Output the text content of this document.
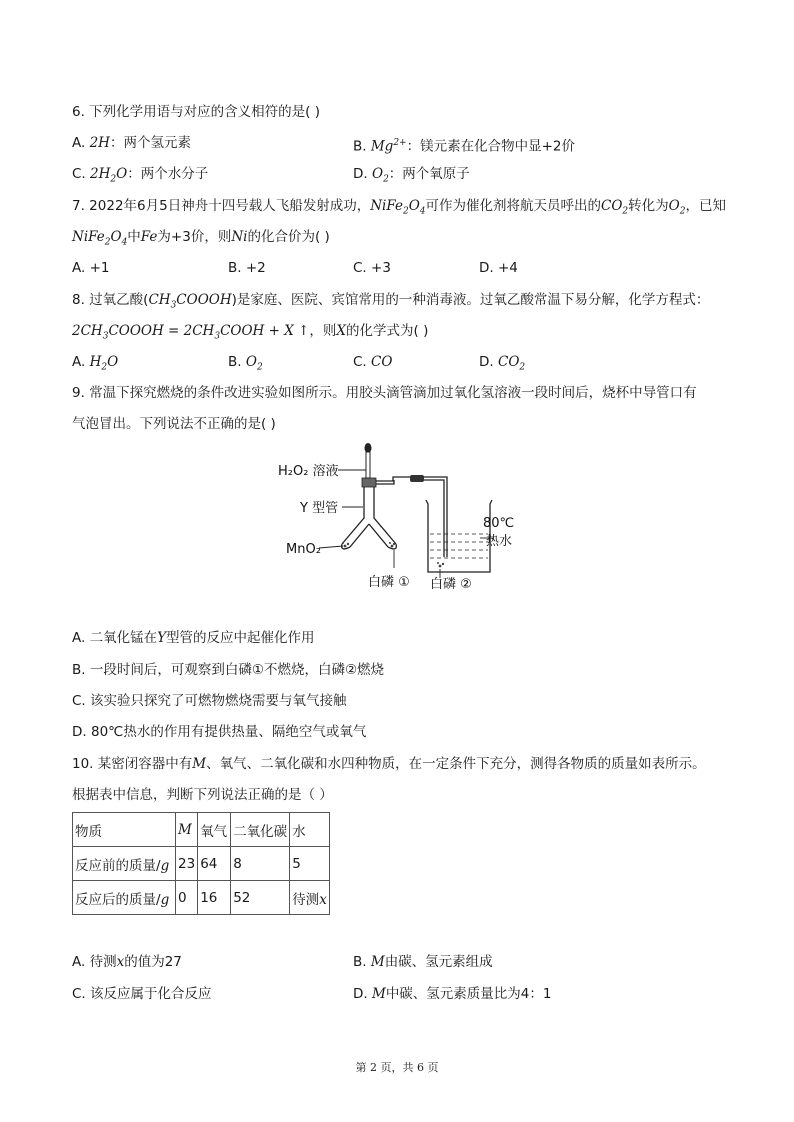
6. 下列化学用语与对应的含义相符的是( )
A. 2H：两个氢元素	B. $Mg^{2+}$：镁元素在化合物中显+2价
C. $2H_2O$：两个水分子	D. $O_2$：两个氧原子
7. 2022年6月5日神舟十四号载人飞船发射成功，$NiFe_2O_4$可作为催化剂将航天员呼出的$CO_2$转化为$O_2$，已知
$NiFe_2O_4$中Fe为+3价，则Ni的化合价为( )
A. +1	B. +2	C. +3	D. +4
8. 过氧乙酸$(CH_3COOOH)$是家庭、医院、宾馆常用的一种消毒液。过氧乙酸常温下易分解，化学方程式：
$2CH_3COOOH$ = $2CH_3COOH + X$ ↑，则X的化学式为( )
A. $H_2O$	B. $O_2$	C. CO	D. $CO_2$
9. 常温下探究燃烧的条件改进实验如图所示。用胶头滴管滴加过氧化氢溶液一段时间后，烧杯中导管口有
气泡冒出。下列说法不正确的是( )
H₂O₂ 溶液
Y 型管
MnO₂
白磷 ① 白磷 ②
80℃
热水
A. 二氧化锰在Y型管的反应中起催化作用
B. 一段时间后，可观察到白磷①不燃烧，白磷②燃烧
C. 该实验只探究了可燃物燃烧需要与氧气接触
D. 80℃热水的作用有提供热量、隔绝空气或氧气
10. 某密闭容器中有M、氧气、二氧化碳和水四种物质，在一定条件下充分，测得各物质的质量如表所示。
根据表中信息，判断下列说法正确的是（ ）
物质	M	氧气	二氧化碳	水
反应前的质量/g	23	64	8	5
反应后的质量/g	0	16	52	待测x
A. 待测x的值为27	B. M由碳、氢元素组成
C. 该反应属于化合反应	D. M中碳、氢元素质量比为4：1
第 2 页，共 6 页
